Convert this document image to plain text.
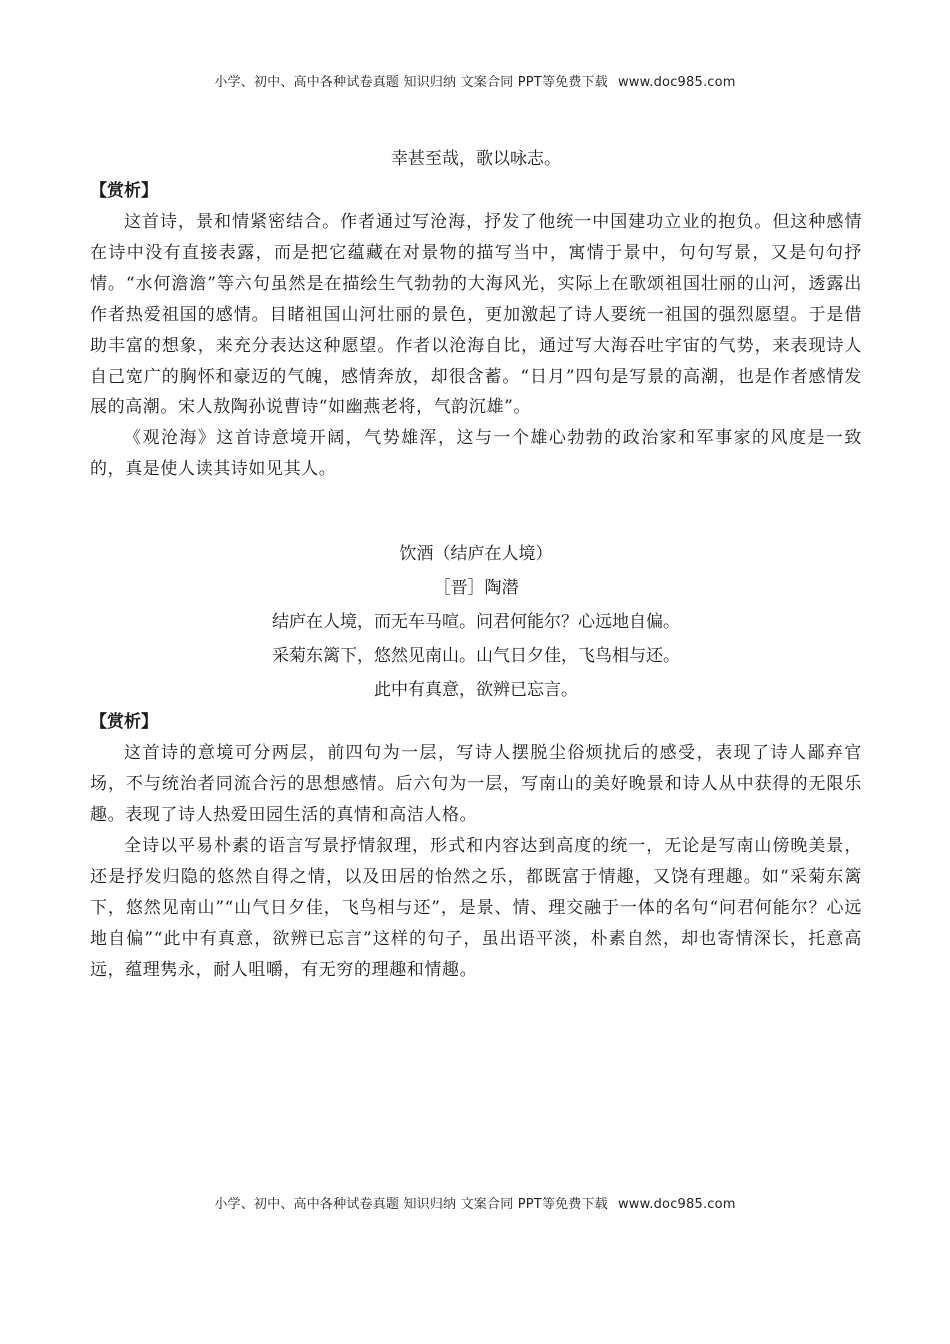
小学、初中、高中各种试卷真题 知识归纳 文案合同 PPT等免费下载 www.doc985.com
幸甚至哉，歌以咏志。
【赏析】

这首诗，景和情紧密结合。作者通过写沧海，抒发了他统一中国建功立业的抱负。但这种感情在诗中没有直接表露，而是把它蕴藏在对景物的描写当中，寓情于景中，句句写景，又是句句抒情。“水何澹澹”等六句虽然是在描绘生气勃勃的大海风光，实际上在歌颂祖国壮丽的山河，透露出作者热爱祖国的感情。目睹祖国山河壮丽的景色，更加激起了诗人要统一祖国的强烈愿望。于是借助丰富的想象，来充分表达这种愿望。作者以沧海自比，通过写大海吞吐宇宙的气势，来表现诗人自己宽广的胸怀和豪迈的气魄，感情奔放，却很含蓄。“日月”四句是写景的高潮，也是作者感情发展的高潮。宋人敖陶孙说曹诗“如幽燕老将，气韵沉雄”。

《观沧海》这首诗意境开阔，气势雄浑，这与一个雄心勃勃的政治家和军事家的风度是一致的，真是使人读其诗如见其人。

饮酒（结庐在人境）
［晋］陶潜
结庐在人境，而无车马喧。问君何能尔？心远地自偏。
采菊东篱下，悠然见南山。山气日夕佳，飞鸟相与还。
此中有真意，欲辨已忘言。
【赏析】

这首诗的意境可分两层，前四句为一层，写诗人摆脱尘俗烦扰后的感受，表现了诗人鄙弃官场，不与统治者同流合污的思想感情。后六句为一层，写南山的美好晚景和诗人从中获得的无限乐趣。表现了诗人热爱田园生活的真情和高洁人格。

全诗以平易朴素的语言写景抒情叙理，形式和内容达到高度的统一，无论是写南山傍晚美景，还是抒发归隐的悠然自得之情，以及田居的怡然之乐，都既富于情趣，又饶有理趣。如“采菊东篱下，悠然见南山”“山气日夕佳，飞鸟相与还”，是景、情、理交融于一体的名句“问君何能尔？心远地自偏”“此中有真意，欲辨已忘言”这样的句子，虽出语平淡，朴素自然，却也寄情深长，托意高远，蕴理隽永，耐人咀嚼，有无穷的理趣和情趣。

小学、初中、高中各种试卷真题 知识归纳 文案合同 PPT等免费下载 www.doc985.com
